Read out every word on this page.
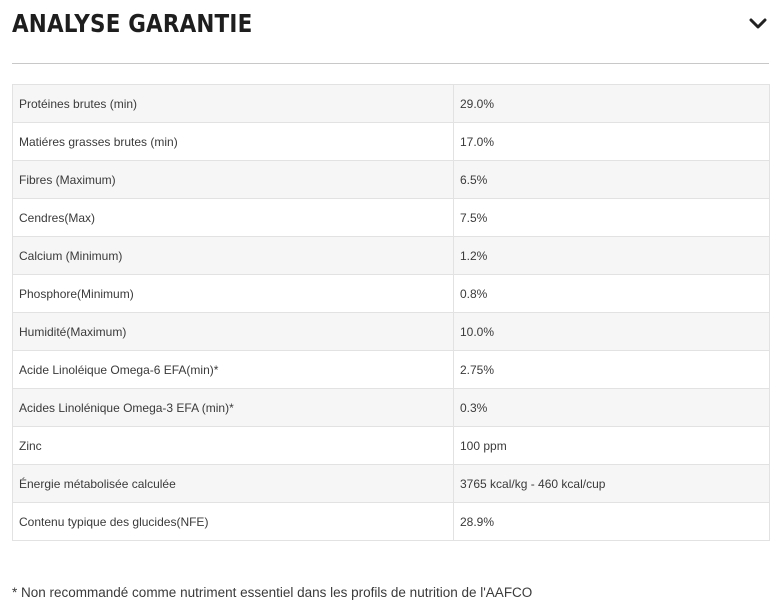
ANALYSE GARANTIE
Protéines brutes (min)	29.0%
Matiéres grasses brutes (min)	17.0%
Fibres (Maximum)	6.5%
Cendres(Max)	7.5%
Calcium (Minimum)	1.2%
Phosphore(Minimum)	0.8%
Humidité(Maximum)	10.0%
Acide Linoléique Omega-6 EFA(min)*	2.75%
Acides Linolénique Omega-3 EFA (min)*	0.3%
Zinc	100 ppm
Énergie métabolisée calculée	3765 kcal/kg - 460 kcal/cup
Contenu typique des glucides(NFE)	28.9%

* Non recommandé comme nutriment essentiel dans les profils de nutrition de l'AAFCO
